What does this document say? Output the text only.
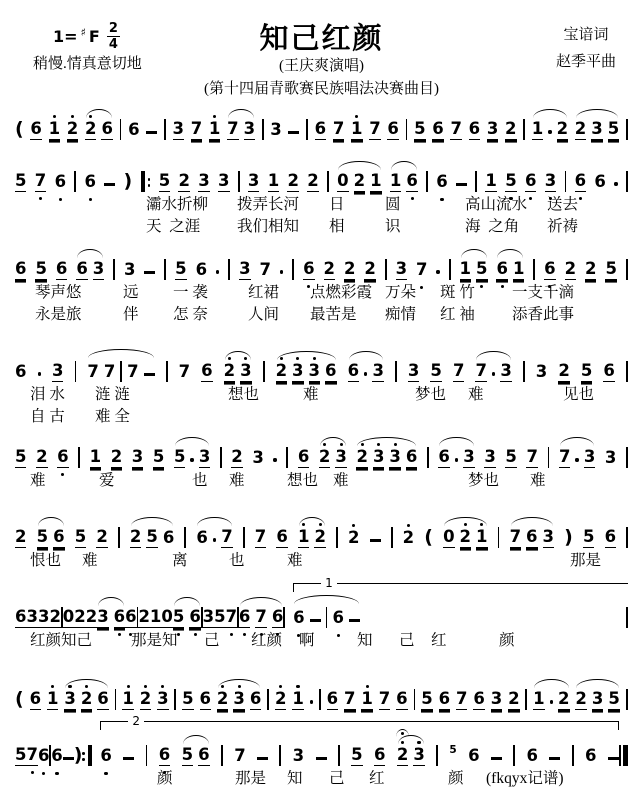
1= ♯ F $\frac{2}{4}$
稍慢.情真意切地
知己红颜
(王庆爽演唱)
(第十四届青歌赛民族唱法决赛曲目)
宝谙词
赵季平曲
( 6 1 2 2 6 6 3 7 1 7 3 3 6 7 1 7 6 5 6 7 6 3 2 1 2 2 3 5
5 7 6 6 ) 5 2 3 3 3 1 2 2 0 2 1 1 6 6 1 5 6 3 6 6
灞水折柳 拨弄长河 日	圆	高山流水 送去
天  之涯 我们相知 相	识	海  之角 祈祷
6 5 6 6 3 3 5 6 3 7 6 2 2 2 3 7 1 5 6 1 6 2 2 5
琴声悠	远 一 袭	红裙 点燃彩霞 万朵 斑 竹 一支千滴
永是旅	伴 怎 奈	人间 最苦是 痴情 红 袖 添香此事
6 3 7 7 7 7 6 2 3 2 3 3 6 6 3 3 5 7 7 3 3 2 5 6
泪 水 涟 涟	想也	难	梦也 难	见也
自 古 难 全
5 2 6 1 2 3 5 5 3 2 3 6 2 3 2 3 3 6 6 3 3 5 7 7 3 3
难	爱	也 难	想也 难	梦也 难
2 5 6 5 2 2 5 6 6 7 7 6 1 2 2	2 ( 0 2 1 7 6 3 ) 5 6
恨也 难	离	也	难	那是
6 3 3 2 0 2 2 3 6 6 2 1 0 5 6 3 5 7 6 7 6 6 6
1
红颜知己	那是知 己 红颜 啊	知 己 红	颜
( 6 1 3 2 6 1 2 3 5 6 2 3 6 2 1 6 7 1 7 6 5 6 7 6 3 2 1 2 2 3 5
5 7 6 6 ) 6	6 5 6 7	3	5 6 2 3 5 6	6	6
2
颜	那是 知 己 红	颜 (fkqyx记谱)
